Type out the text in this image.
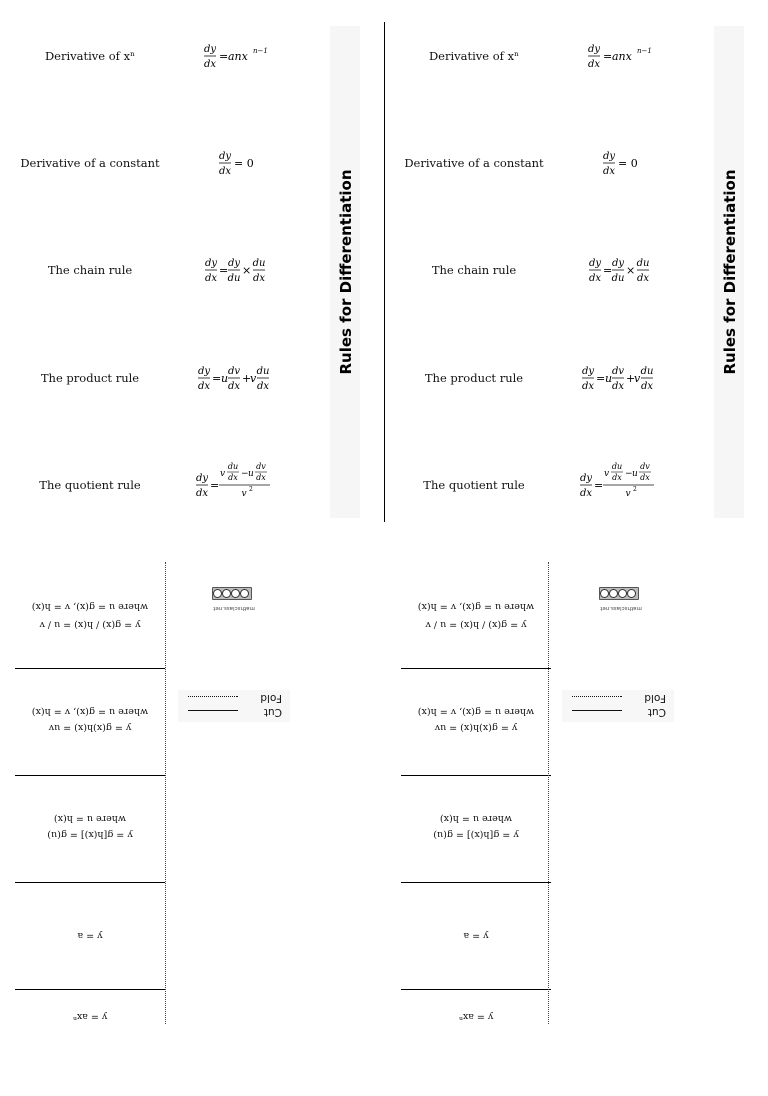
Derivative of xⁿ	dy
dx
= anx n−1
Derivative of a constant	dy
dx
= 0
The chain rule	dy
dx
=
dy
du
×
du
dx
The product rule	dy
dx
= u
dv
dx
+
v
du
dx
The quotient rule	dy
dx
=
v
du
dx − u
dv
dx
v 2
Rules for Differentiation
y = g(x) / h(x) = u / v
where u = g(x), v = h(x)
y = g(x)h(x) = uv
where u = g(x), v = h(x)
y = g[h(x)] = g(u)
where u = h(x)
y = a
y = axⁿ
mathsclass.net
Cut
Fold
Derivative of xⁿ	dy
dx
= anx n−1
Derivative of a constant	dy
dx
= 0
The chain rule	dy
dx
=
dy
du
×
du
dx
The product rule	dy
dx
= u
dv
dx
+
v
du
dx
The quotient rule	dy
dx
=
v
du
dx − u
dv
dx
v 2
Rules for Differentiation
y = g(x) / h(x) = u / v
where u = g(x), v = h(x)
y = g(x)h(x) = uv
where u = g(x), v = h(x)
y = g[h(x)] = g(u)
where u = h(x)
y = a
y = axⁿ
mathsclass.net
Cut
Fold
